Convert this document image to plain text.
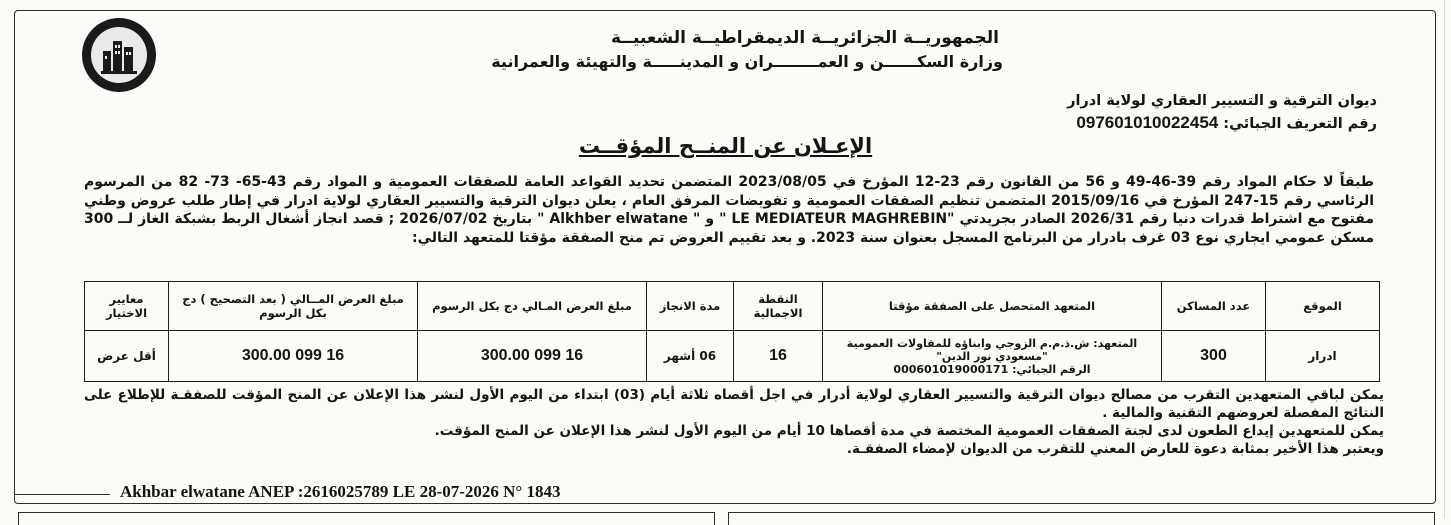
الجمهوريــة الجزائريــة الديمقراطيــة الشعبيــة
وزارة السكــــــن و العمــــــــران و المدينـــــة والتهيئة والعمرانية
ديوان الترقية و التسيير العقاري لولاية ادرار
رقم التعريف الجبائي: 097601010022454
الإعـلان عن المنــح المؤقــت
طبقاً لا حكام المواد رقم 39-46-49 و 56 من القانون رقم 23-12 المؤرخ في 2023/08/05 المتضمن تحديد القواعد العامة للصفقات العمومية و المواد رقم 43-65- 73- 82 من المرسوم الرئاسي رقم 15-247 المؤرخ في 2015/09/16 المتضمن تنظيم الصفقات العمومية و تفويضات المرفق العام ، يعلن ديوان الترقية والتسيير العقاري لولاية ادرار في إطار طلب عروض وطني مفتوح مع اشتراط قدرات دنيا رقم 2026/31 الصادر بجريدتي "LE MEDIATEUR MAGHREBIN " و " Alkhber elwatane " بتاريخ 2026/07/02 ; قصد انجاز أشغال الربط بشبكة الغاز لــ 300 مسكن عمومي ايجاري نوع 03 غرف بادرار من البرنامج المسجل بعنوان سنة 2023. و بعد تقييم العروض تم منح الصفقة مؤقتا للمتعهد التالي:
الموقع	عدد المساكن	المتعهد المتحصل على الصفقة مؤقتا	النقطة الاجمالية	مدة الانجاز	مبلغ العرض المـالي دج بكل الرسوم	مبلغ العرض المــالي ( بعد التصحيح ) دج بكل الرسوم	معايير الاختيار
ادرار	300	المتعهد: ش.ذ.م.م الزوجي وابناؤه للمقاولات العمومية
"مسعودي نور الدين"
الرقم الجبائي: 000601019000171	16	06 أشهر	16 099 300.00	16 099 300.00	أقل عرض

يمكن لباقي المتعهدين التقرب من مصالح ديوان الترقية والتسيير العقاري لولاية أدرار في اجل أقصاه ثلاثة أيام (03) ابتداء من اليوم الأول لنشر هذا الإعلان عن المنح المؤقت للصفقـة للإطلاع على النتائج المفصلة لعروضهم التقنية والمالية .

يمكن للمتعهدين إيداع الطعون لدى لجنة الصفقات العمومية المختصة في مدة أقصاها 10 أيام من اليوم الأول لنشر هذا الإعلان عن المنح المؤقت.

ويعتبر هذا الأخير بمثابة دعوة للعارض المعني للتقرب من الديوان لإمضاء الصفقـة.

Akhbar elwatane ANEP :2616025789 LE 28-07-2026 N° 1843
